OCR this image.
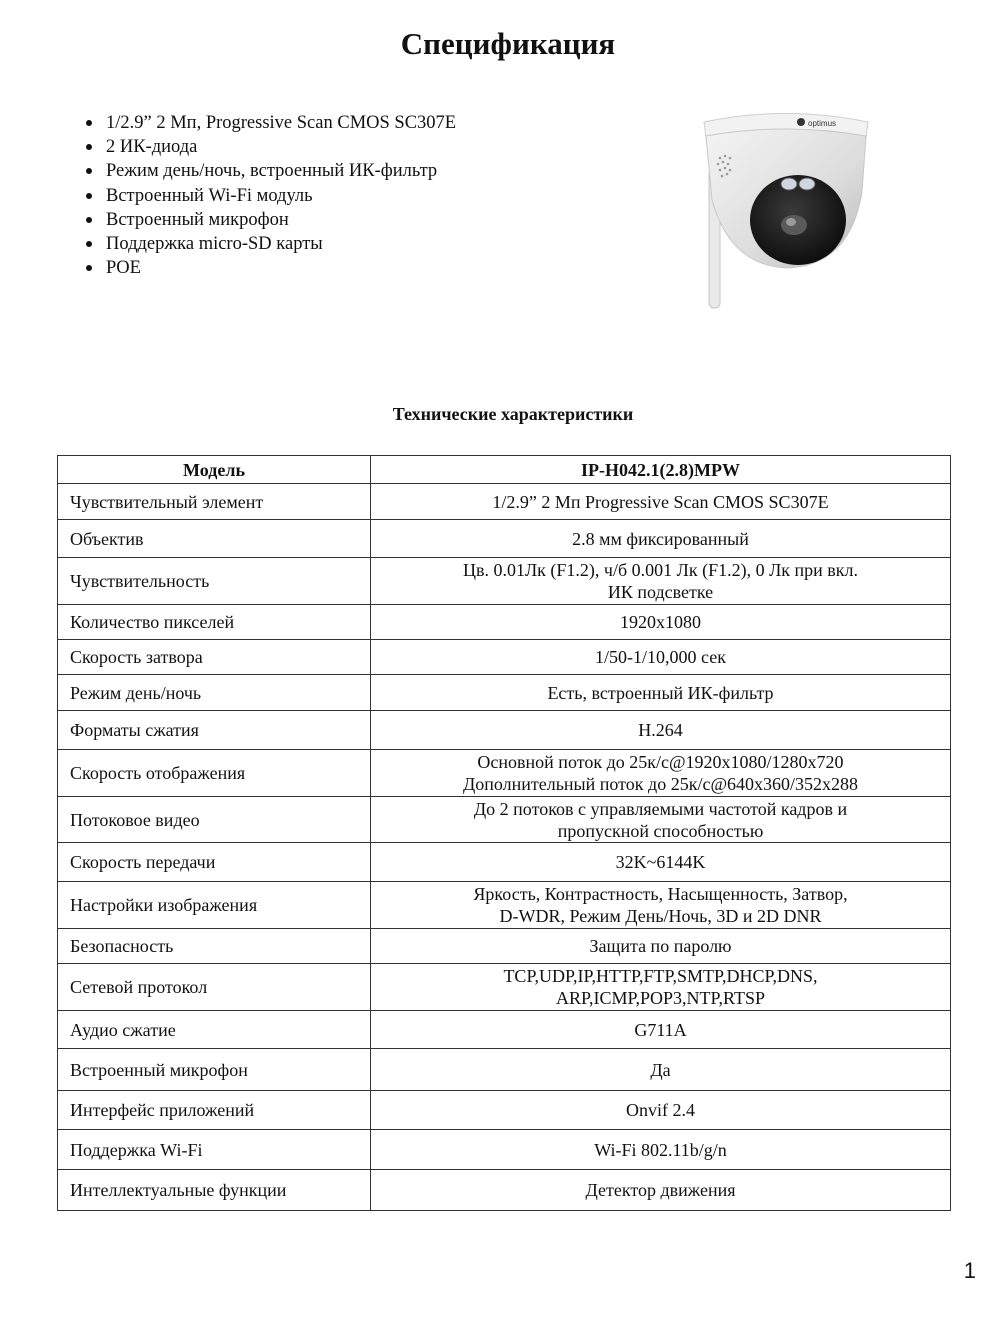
Спецификация
1/2.9” 2 Мп, Progressive Scan CMOS SC307E
2 ИК-диода
Режим день/ночь, встроенный ИК-фильтр
Встроенный Wi-Fi модуль
Встроенный микрофон
Поддержка micro-SD карты
POE
optimus
Технические характеристики
Модель	IP-H042.1(2.8)MPW
Чувствительный элемент	1/2.9” 2 Мп Progressive Scan CMOS SC307E

Объектив	2.8 мм фиксированный

Чувствительность	Цв. 0.01Лк (F1.2), ч/б 0.001 Лк (F1.2), 0 Лк при вкл.
ИК подсветке

Количество пикселей	1920x1080

Скорость затвора	1/50-1/10,000 сек

Режим день/ночь	Есть, встроенный ИК-фильтр

Форматы сжатия	H.264

Скорость отображения	Основной поток до 25к/с@1920x1080/1280x720
Дополнительный поток до 25к/с@640x360/352x288

Потоковое видео	До 2 потоков с управляемыми частотой кадров и
пропускной способностью

Скорость передачи	32K~6144K

Настройки изображения	Яркость, Контрастность, Насыщенность, Затвор,
D-WDR, Режим День/Ночь, 3D и 2D DNR

Безопасность	Защита по паролю

Сетевой протокол	TCP,UDP,IP,HTTP,FTP,SMTP,DHCP,DNS,
ARP,ICMP,POP3,NTP,RTSP

Аудио сжатие	G711A

Встроенный микрофон	Да

Интерфейс приложений	Onvif 2.4

Поддержка Wi-Fi	Wi-Fi 802.11b/g/n

Интеллектуальные функции	Детектор движения
1
